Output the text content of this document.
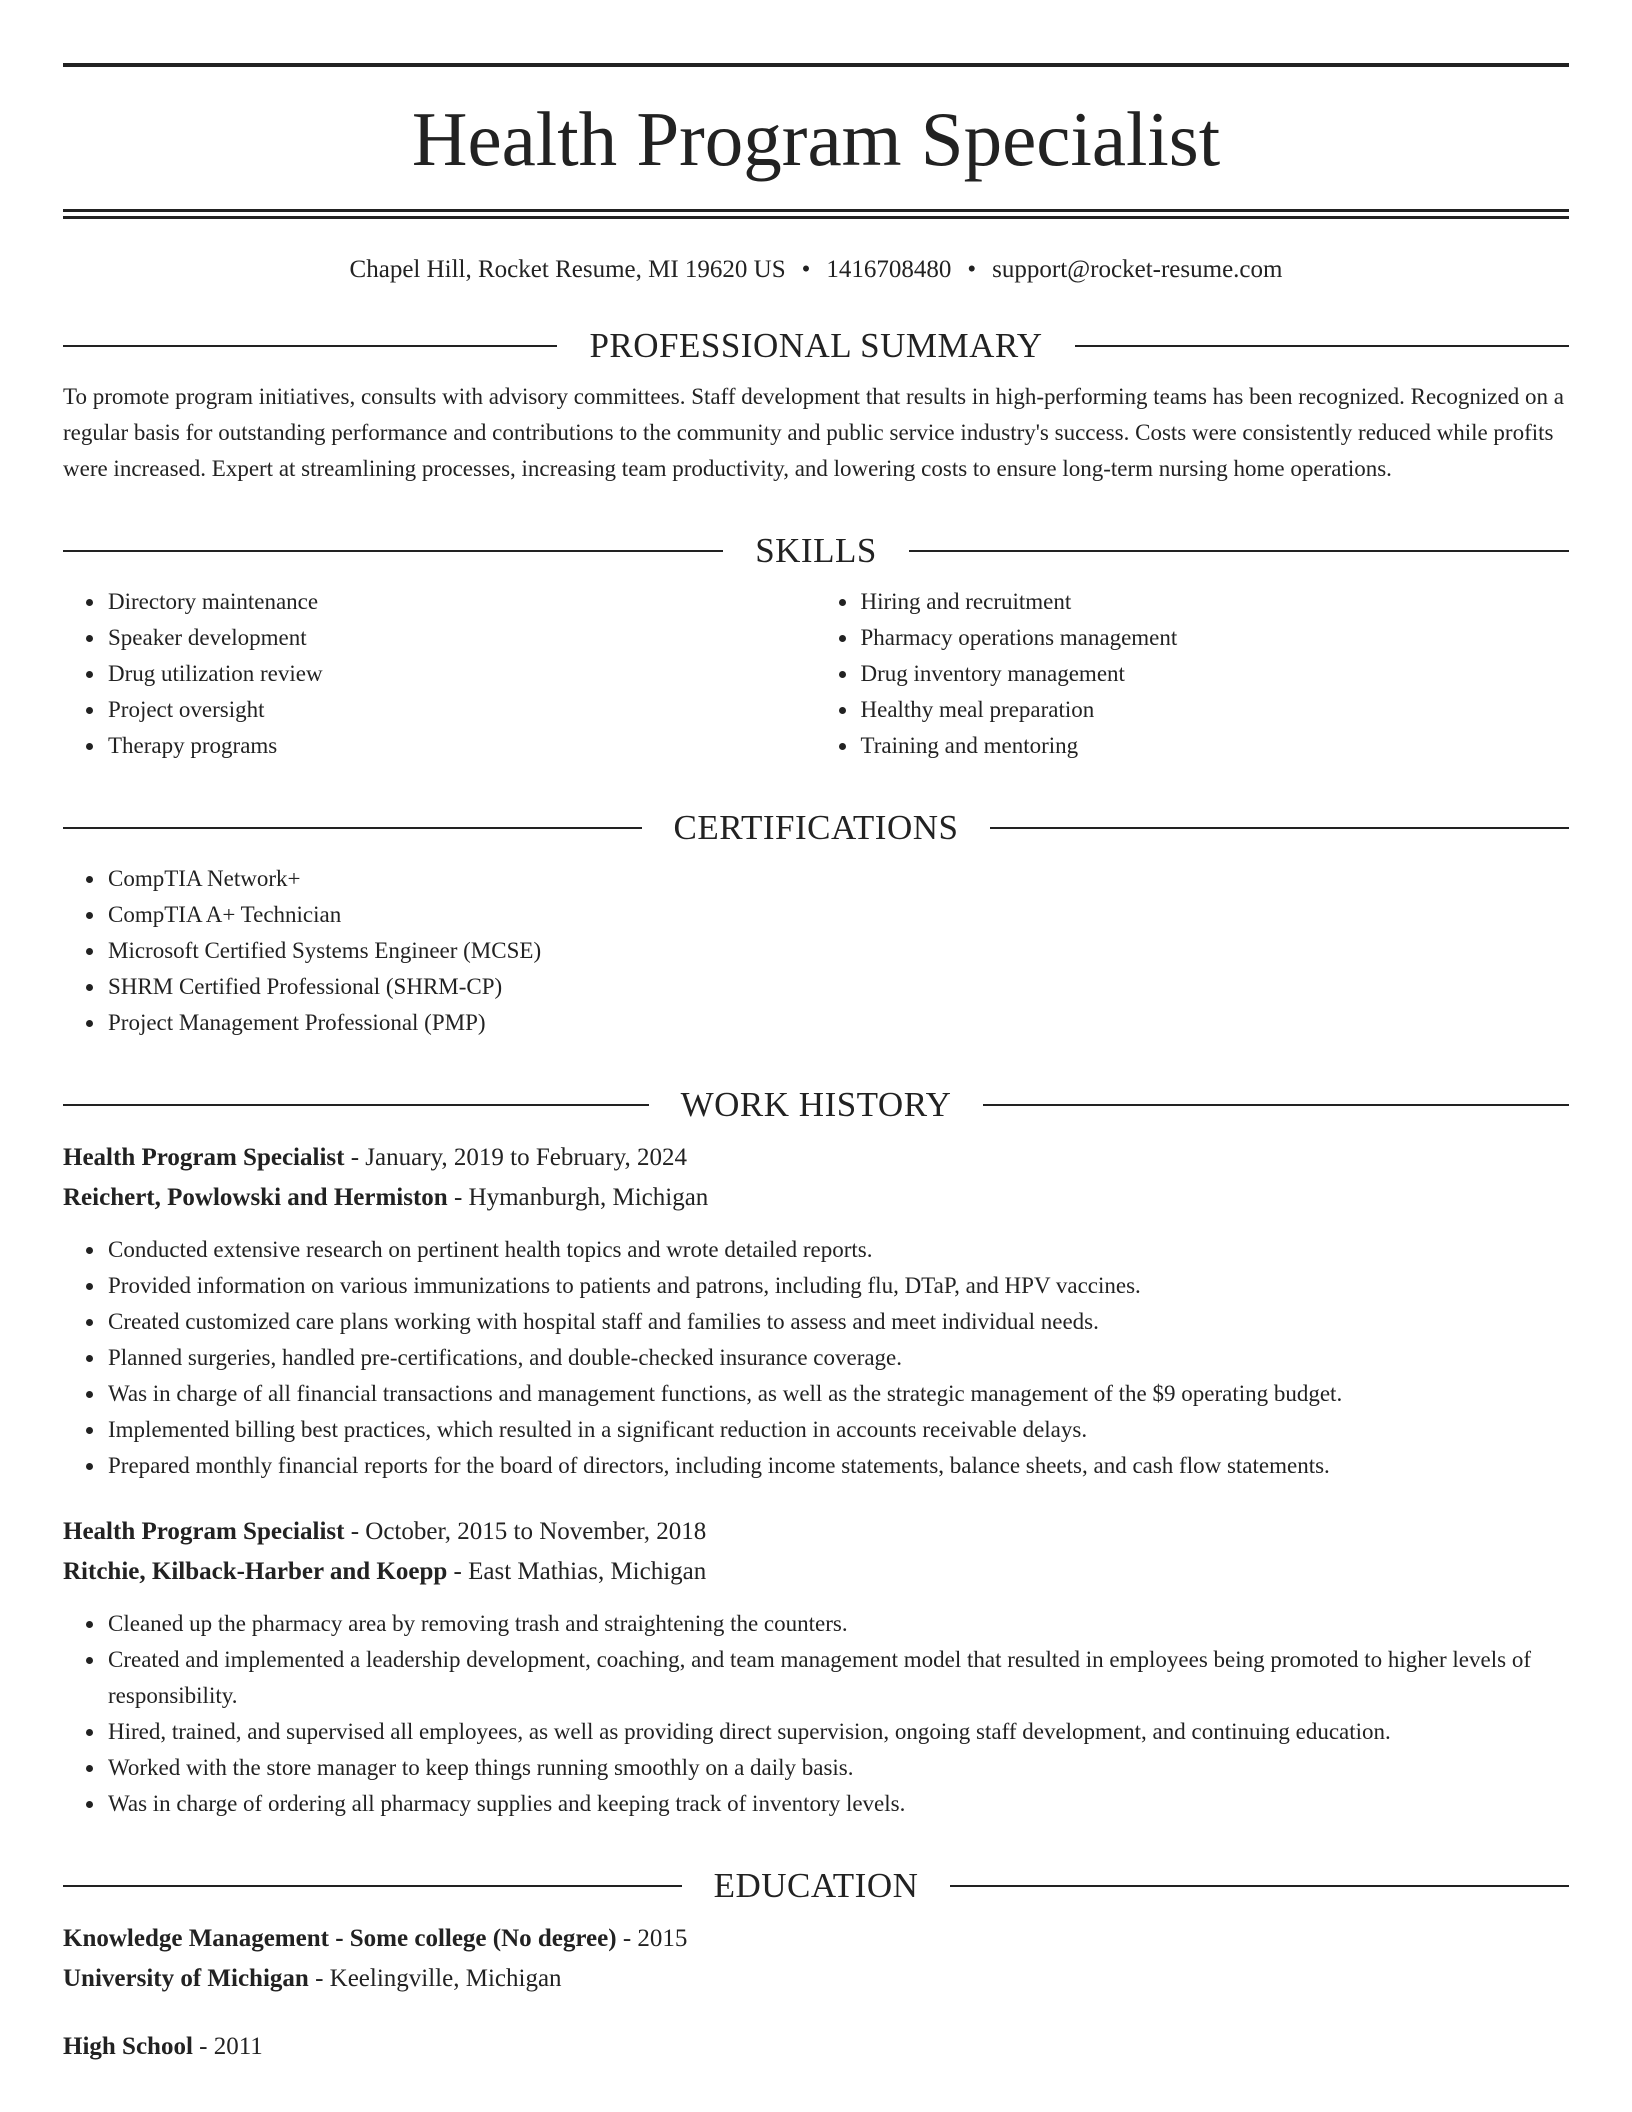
Health Program Specialist
Chapel Hill, Rocket Resume, MI 19620 US • 1416708480 • support@rocket-resume.com
PROFESSIONAL SUMMARY

To promote program initiatives, consults with advisory committees. Staff development that results in high-performing teams has been recognized. Recognized on a regular basis for outstanding performance and contributions to the community and public service industry's success. Costs were consistently reduced while profits were increased. Expert at streamlining processes, increasing team productivity, and lowering costs to ensure long-term nursing home operations.

SKILLS
• Directory maintenance
• Speaker development
• Drug utilization review
• Project oversight
• Therapy programs
• Hiring and recruitment
• Pharmacy operations management
• Drug inventory management
• Healthy meal preparation
• Training and mentoring
CERTIFICATIONS
• CompTIA Network+
• CompTIA A+ Technician
• Microsoft Certified Systems Engineer (MCSE)
• SHRM Certified Professional (SHRM-CP)
• Project Management Professional (PMP)
WORK HISTORY
Health Program Specialist - January, 2019 to February, 2024
Reichert, Powlowski and Hermiston - Hymanburgh, Michigan
• Conducted extensive research on pertinent health topics and wrote detailed reports.
• Provided information on various immunizations to patients and patrons, including flu, DTaP, and HPV vaccines.
• Created customized care plans working with hospital staff and families to assess and meet individual needs.
• Planned surgeries, handled pre-certifications, and double-checked insurance coverage.
• Was in charge of all financial transactions and management functions, as well as the strategic management of the $9 operating budget.
• Implemented billing best practices, which resulted in a significant reduction in accounts receivable delays.
• Prepared monthly financial reports for the board of directors, including income statements, balance sheets, and cash flow statements.
Health Program Specialist - October, 2015 to November, 2018
Ritchie, Kilback-Harber and Koepp - East Mathias, Michigan
• Cleaned up the pharmacy area by removing trash and straightening the counters.
• Created and implemented a leadership development, coaching, and team management model that resulted in employees being promoted to higher levels of responsibility.
• Hired, trained, and supervised all employees, as well as providing direct supervision, ongoing staff development, and continuing education.
• Worked with the store manager to keep things running smoothly on a daily basis.
• Was in charge of ordering all pharmacy supplies and keeping track of inventory levels.
EDUCATION
Knowledge Management - Some college (No degree) - 2015
University of Michigan - Keelingville, Michigan
High School - 2011
